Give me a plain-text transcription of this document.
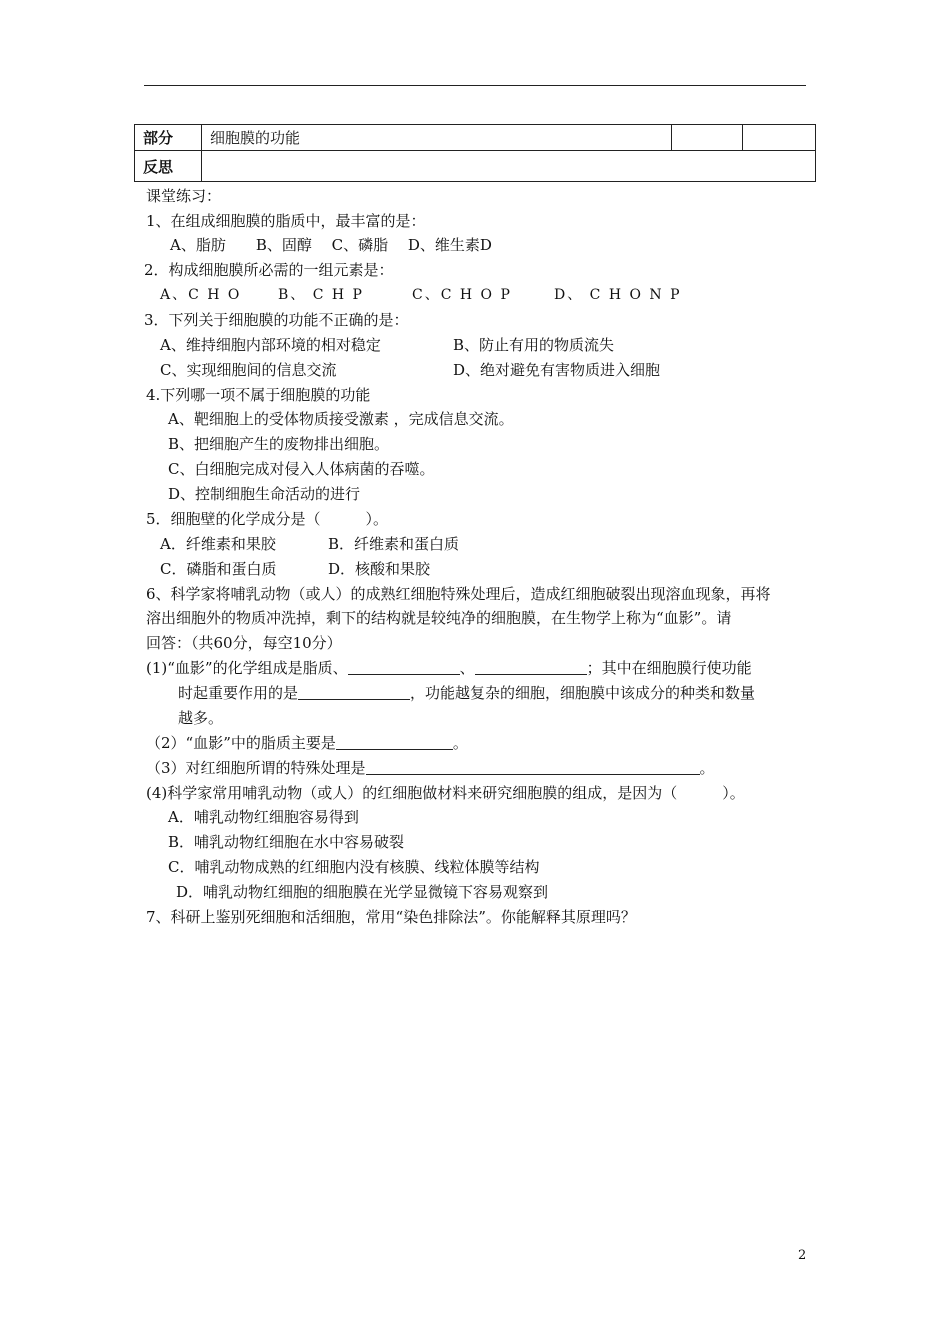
部分	细胞膜的功能		
反思			
课堂练习：
1、在组成细胞膜的脂质中，最丰富的是：
A、脂肪　　B、固醇　 C、磷脂　 D、维生素D
2．构成细胞膜所必需的一组元素是：
A、C H O	B、 C H P	C、C H O P	D、 C H O N P
3．下列关于细胞膜的功能不正确的是：
A、维持细胞内部环境的相对稳定	B、防止有用的物质流失
C、实现细胞间的信息交流	D、绝对避免有害物质进入细胞
4.下列哪一项不属于细胞膜的功能
A、靶细胞上的受体物质接受激素 ，完成信息交流。
B、把细胞产生的废物排出细胞。
C、白细胞完成对侵入人体病菌的吞噬。
D、控制细胞生命活动的进行
5．细胞壁的化学成分是（　　　）。
A．纤维素和果胶	B．纤维素和蛋白质
C．磷脂和蛋白质	D．核酸和果胶
6、科学家将哺乳动物（或人）的成熟红细胞特殊处理后，造成红细胞破裂出现溶血现象，再将
溶出细胞外的物质冲洗掉，剩下的结构就是较纯净的细胞膜，在生物学上称为“血影”。请
回答：（共60分，每空10分）
(1)“血影”的化学组成是脂质、	、	；其中在细胞膜行使功能
时起重要作用的是	，功能越复杂的细胞，细胞膜中该成分的种类和数量
越多。
（2）“血影”中的脂质主要是	。
（3）对红细胞所谓的特殊处理是	。
(4)科学家常用哺乳动物（或人）的红细胞做材料来研究细胞膜的组成，是因为（　　　）。
A．哺乳动物红细胞容易得到
B．哺乳动物红细胞在水中容易破裂
C．哺乳动物成熟的红细胞内没有核膜、线粒体膜等结构
D．哺乳动物红细胞的细胞膜在光学显微镜下容易观察到
7、科研上鉴别死细胞和活细胞，常用“染色排除法”。你能解释其原理吗？
2
